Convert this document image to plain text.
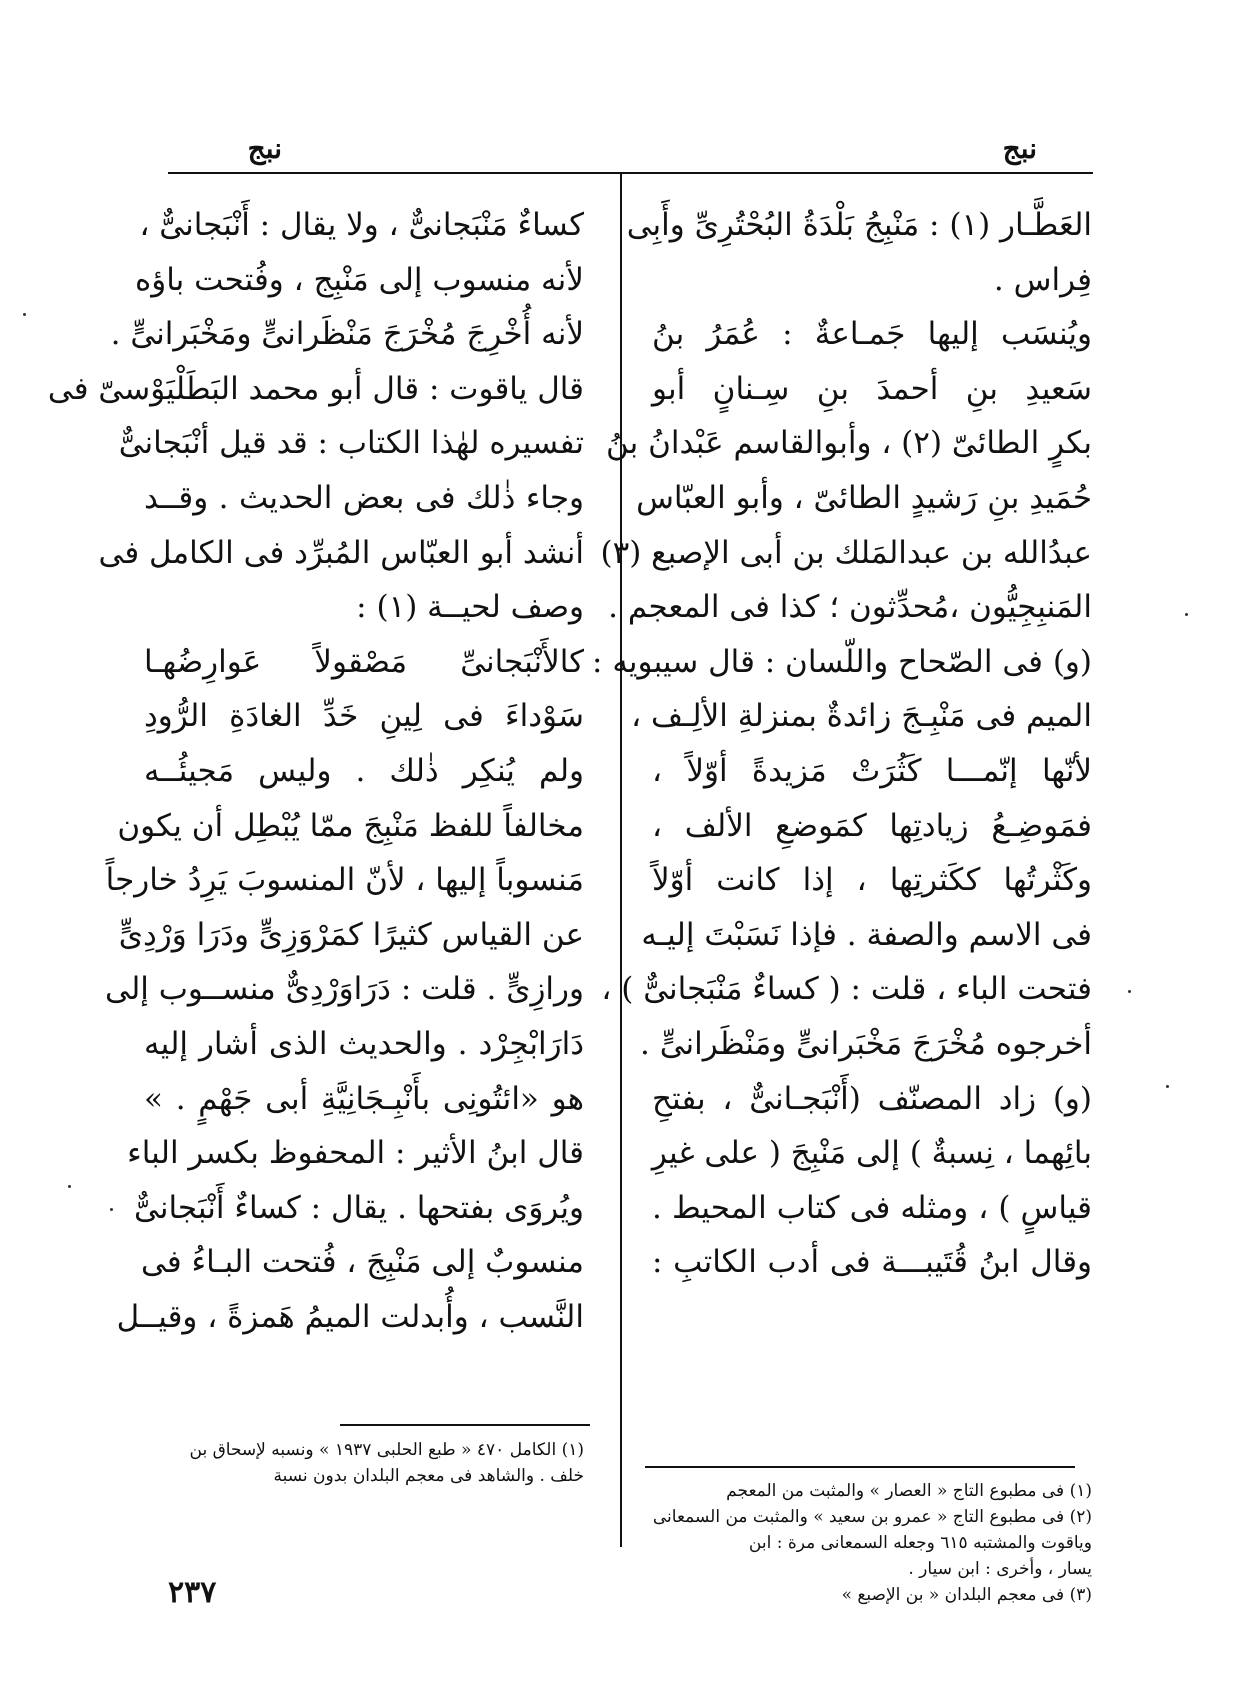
نبج
نبج
العَطَّـار (١) : مَنْبِجُ بَلْدَةُ البُحْتُرِىِّ وأَبِى
فِراس .
ويُنسَب إليها جَمـاعةٌ : عُمَرُ بنُ
سَعيدِ بنِ أحمدَ بنِ سِـنانٍ أبو
بكرٍ الطائىّ (٢) ، وأبوالقاسم عَبْدانُ بنُ
حُمَيدِ بنِ رَشيدٍ الطائىّ ، وأبو العبّاس
عبدُالله بن عبدالمَلك بن أبى الإصبع (٣)
المَنبِجِيُّون ،مُحدِّثون ؛ كذا فى المعجم .
(و) فى الصّحاح واللّسان : قال سيبويه :
الميم فى مَنْبِـجَ زائدةٌ بمنزلةِ الألِـف ،
لأنّها إنّمـــا كَثُرَتْ مَزيدةً أوّلاً ،
فمَوضِـعُ زيادتِها كمَوضعِ الألف ،
وكَثْرتُها ككَثرتِها ، إذا كانت أوّلاً
فى الاسم والصفة . فإذا نَسَبْتَ إليـه
فتحت الباء ، قلت : ( كساءٌ مَنْبَجانىٌّ ) ،
أخرجوه مُخْرَجَ مَخْبَرانىٍّ ومَنْظَرانىٍّ .
(و) زاد المصنّف (أَنْبَجـانىٌّ ، بفتحِ
بائِهما ، نِسبةٌ ) إلى مَنْبِجَ ( على غيرِ
قياسٍ ) ، ومثله فى كتاب المحيط .
وقال ابنُ قُتَيبـــة فى أدب الكاتبِ :
كساءٌ مَنْبَجانىٌّ ، ولا يقال : أَنْبَجانىٌّ ،
لأنه منسوب إلى مَنْبِج ، وفُتحت باؤه
لأنه أُخْرِجَ مُخْرَجَ مَنْظَرانىٍّ ومَخْبَرانىٍّ .
قال ياقوت : قال أبو محمد البَطَلْيَوْسىّ فى
تفسيره لهٰذا الكتاب : قد قيل أنْبَجانىٌّ
وجاء ذٰلك فى بعض الحديث . وقــد
أنشد أبو العبّاس المُبرِّد فى الكامل فى
وصف لحيــة (١) :
كالأَنْبَجانىِّ مَصْقولاً عَوارِضُهـا
سَوْداءَ فى لِينِ خَدِّ الغادَةِ الرُّودِ
ولم يُنكِر ذٰلك . وليس مَجيئُــه
مخالفاً للفظ مَنْبِجَ ممّا يُبْطِل أن يكون
مَنسوباً إليها ، لأنّ المنسوبَ يَرِدُ خارجاً
عن القياس كثيرًا كمَرْوَزِىٍّ ودَرَا وَرْدِىٍّ
ورازِىٍّ . قلت : دَرَاوَرْدِىٌّ منســوب إلى
دَارَابْجِرْد . والحديث الذى أشار إليه
هو «ائتُونِى بأَنْبِـجَانِيَّةِ أبى جَهْمٍ . »
قال ابنُ الأثير : المحفوظ بكسر الباء
ويُروَى بفتحها . يقال : كساءٌ أَنْبَجانىٌّ
منسوبٌ إلى مَنْبِجَ ، فُتحت البـاءُ فى
النَّسب ، وأُبدلت الميمُ هَمزةً ، وقيــل
(١) فى مطبوع التاج « العصار » والمثبت من المعجم
(٢) فى مطبوع التاج « عمرو بن سعيد » والمثبت من السمعانى
وياقوت والمشتبه ٦١٥ وجعله السمعانى مرة : ابن
يسار ، وأخرى : ابن سيار .
(٣) فى معجم البلدان « بن الإصبع »
(١) الكامل ٤٧٠ « طبع الحلبى ١٩٣٧ » ونسبه لإسحاق بن
خلف . والشاهد فى معجم البلدان بدون نسبة
٢٣٧
